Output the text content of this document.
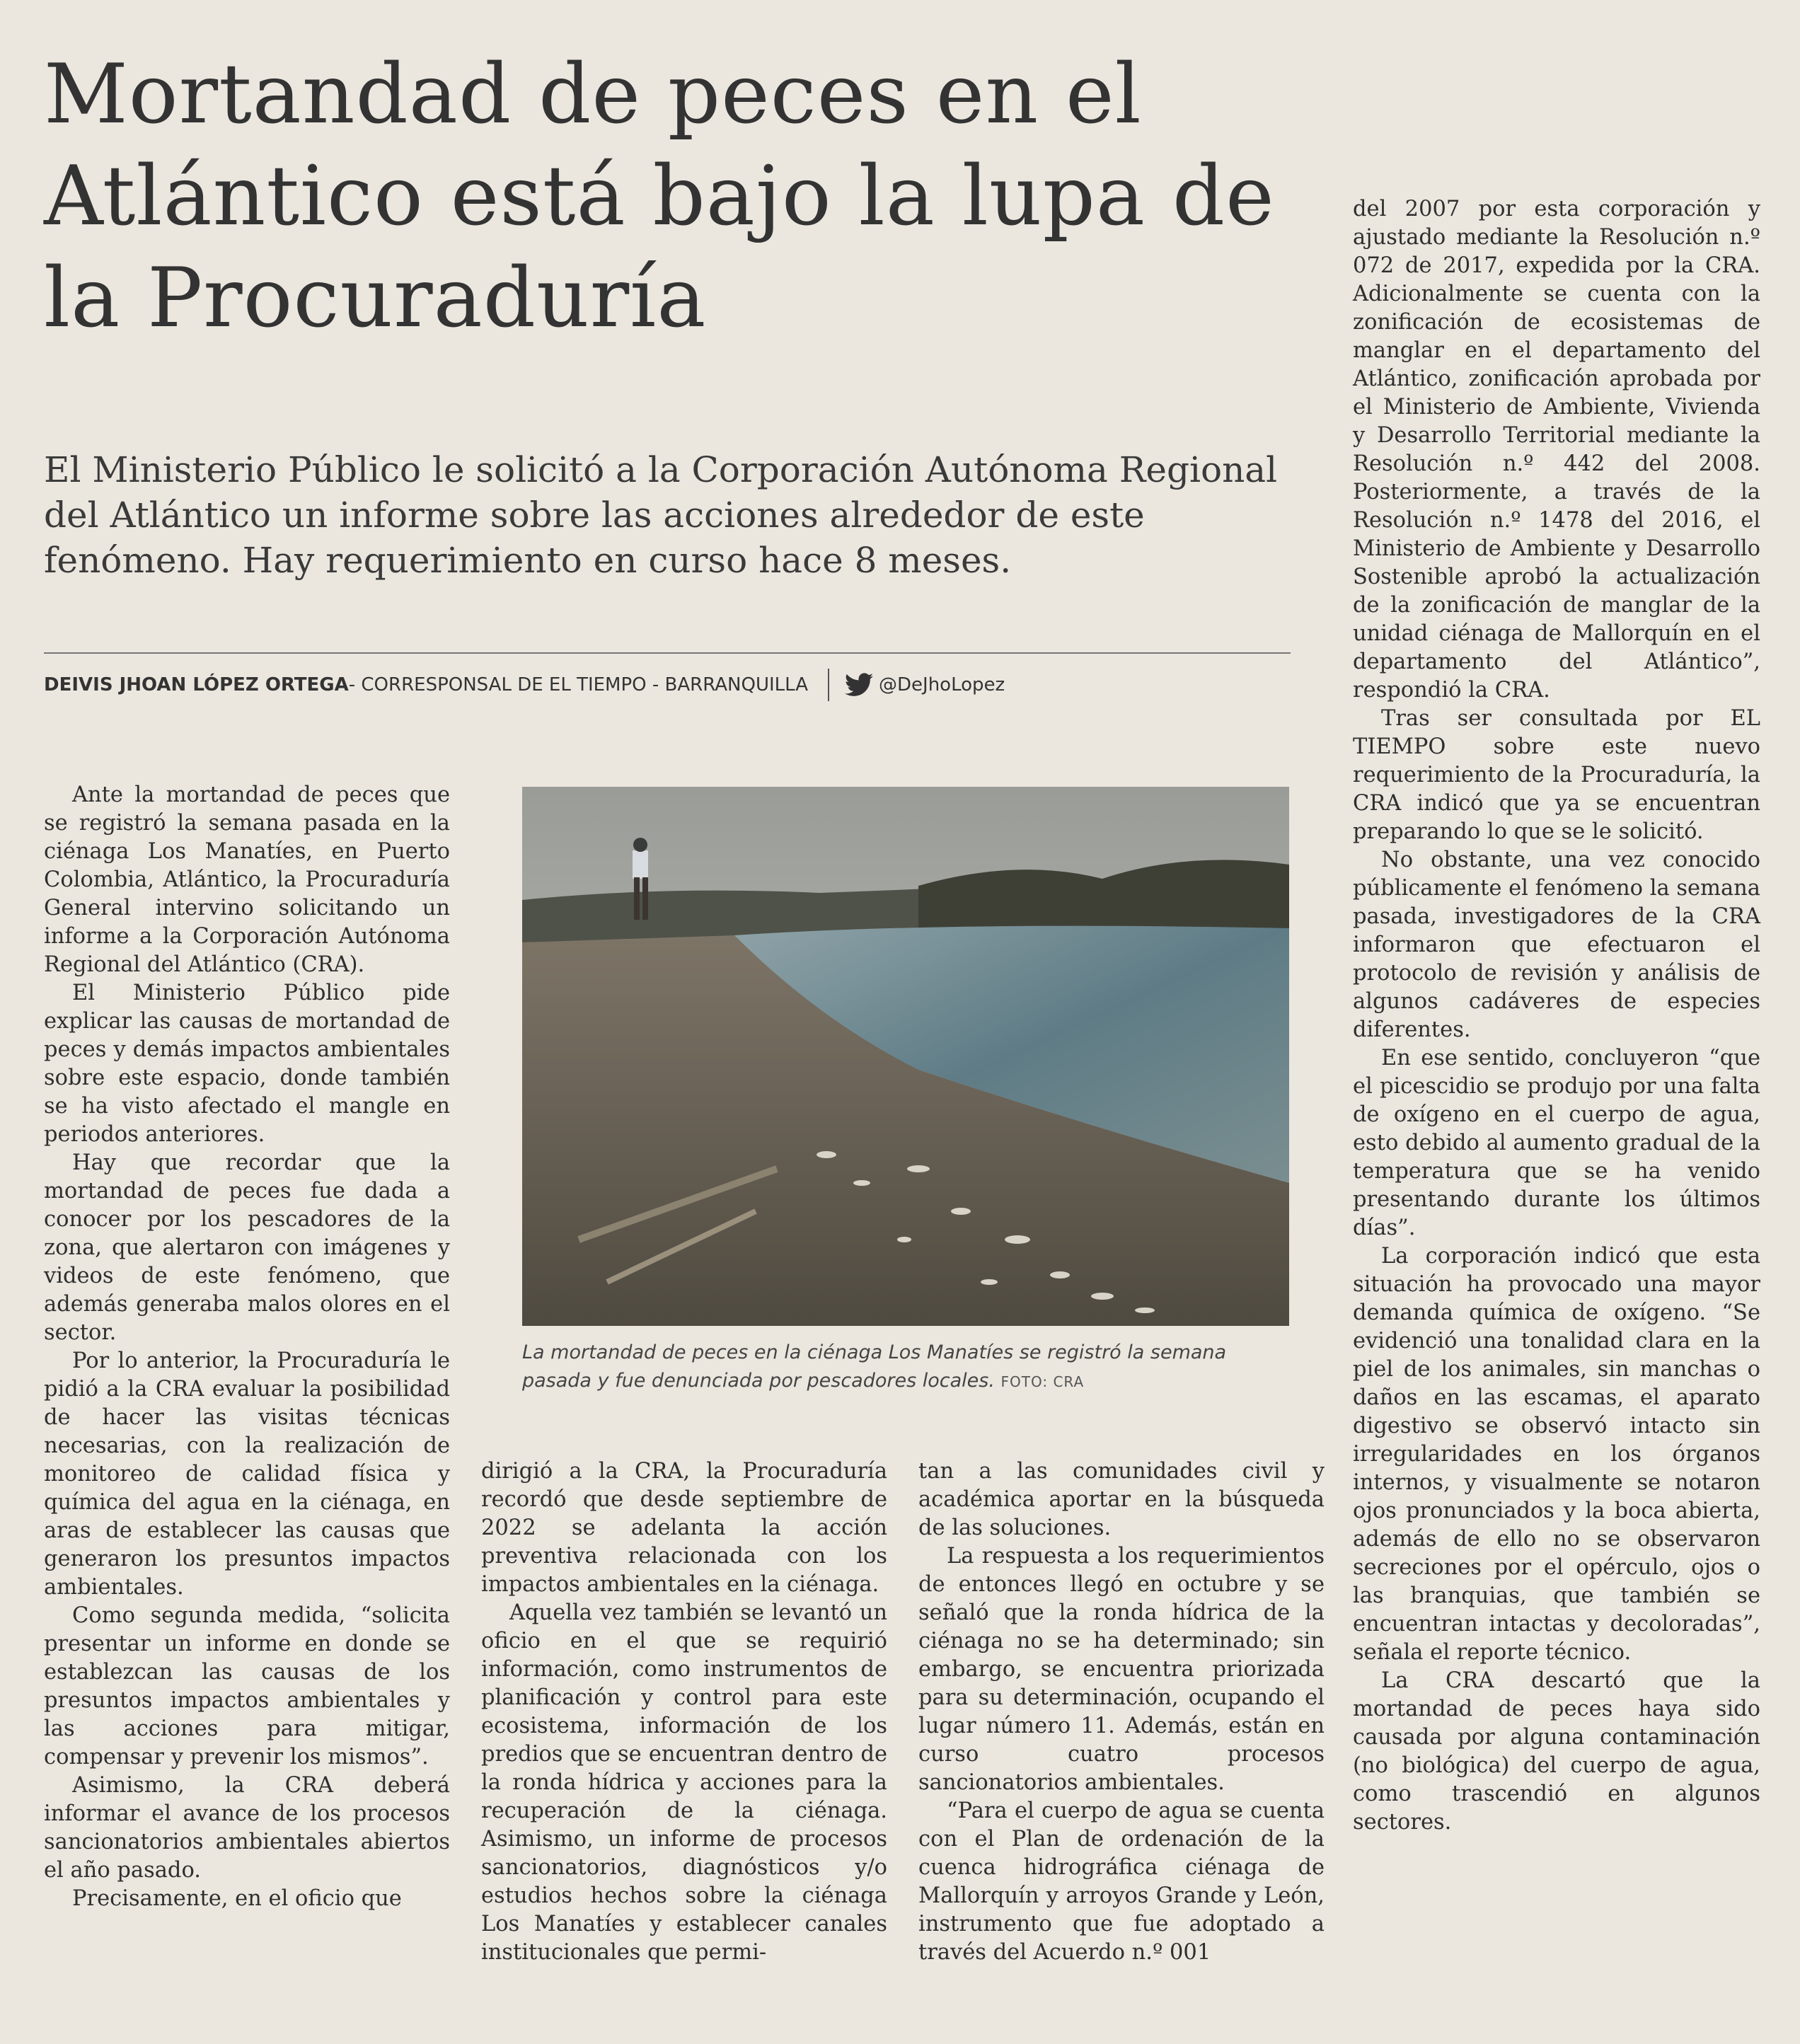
Mortandad de peces en el Atlántico está bajo la lupa de la Procuraduría

El Ministerio Público le solicitó a la Corporación Autónoma Regional del Atlántico un informe sobre las acciones alrededor de este fenómeno. Hay requerimiento en curso hace 8 meses.

DEIVIS JHOAN LÓPEZ ORTEGA - CORRESPONSAL DE EL TIEMPO - BARRANQUILLA	@DeJhoLopez

Ante la mortandad de peces que se registró la semana pasada en la ciénaga Los Manatíes, en Puerto Colombia, Atlántico, la Procuraduría General intervino solicitando un informe a la Corporación Autónoma Regional del Atlántico (CRA).

El Ministerio Público pide explicar las causas de mortandad de peces y demás impactos ambientales sobre este espacio, donde también se ha visto afectado el mangle en periodos anteriores.

Hay que recordar que la mortandad de peces fue dada a conocer por los pescadores de la zona, que alertaron con imágenes y videos de este fenómeno, que además generaba malos olores en el sector.

Por lo anterior, la Procuraduría le pidió a la CRA evaluar la posibilidad de hacer las visitas técnicas necesarias, con la realización de monitoreo de calidad física y química del agua en la ciénaga, en aras de establecer las causas que generaron los presuntos impactos ambientales.

Como segunda medida, “solicita presentar un informe en donde se establezcan las causas de los presuntos impactos ambientales y las acciones para mitigar, compensar y prevenir los mismos”.

Asimismo, la CRA deberá informar el avance de los procesos sancionatorios ambientales abiertos el año pasado.

Precisamente, en el oficio que

La mortandad de peces en la ciénaga Los Manatíes se registró la semana pasada y fue denunciada por pescadores locales. FOTO: CRA

dirigió a la CRA, la Procuraduría recordó que desde septiembre de 2022 se adelanta la acción preventiva relacionada con los impactos ambientales en la ciénaga.

Aquella vez también se levantó un oficio en el que se requirió información, como instrumentos de planificación y control para este ecosistema, información de los predios que se encuentran dentro de la ronda hídrica y acciones para la recuperación de la ciénaga. Asimismo, un informe de procesos sancionatorios, diagnósticos y/o estudios hechos sobre la ciénaga Los Manatíes y establecer canales institucionales que permi-

tan a las comunidades civil y académica aportar en la búsqueda de las soluciones.

La respuesta a los requerimientos de entonces llegó en octubre y se señaló que la ronda hídrica de la ciénaga no se ha determinado; sin embargo, se encuentra priorizada para su determinación, ocupando el lugar número 11. Además, están en curso cuatro procesos sancionatorios ambientales.

“Para el cuerpo de agua se cuenta con el Plan de ordenación de la cuenca hidrográfica ciénaga de Mallorquín y arroyos Grande y León, instrumento que fue adoptado a través del Acuerdo n.º 001

del 2007 por esta corporación y ajustado mediante la Resolución n.º 072 de 2017, expedida por la CRA. Adicionalmente se cuenta con la zonificación de ecosistemas de manglar en el departamento del Atlántico, zonificación aprobada por el Ministerio de Ambiente, Vivienda y Desarrollo Territorial mediante la Resolución n.º 442 del 2008. Posteriormente, a través de la Resolución n.º 1478 del 2016, el Ministerio de Ambiente y Desarrollo Sostenible aprobó la actualización de la zonificación de manglar de la unidad ciénaga de Mallorquín en el departamento del Atlántico”, respondió la CRA.

Tras ser consultada por EL TIEMPO sobre este nuevo requerimiento de la Procuraduría, la CRA indicó que ya se encuentran preparando lo que se le solicitó.

No obstante, una vez conocido públicamente el fenómeno la semana pasada, investigadores de la CRA informaron que efectuaron el protocolo de revisión y análisis de algunos cadáveres de especies diferentes.

En ese sentido, concluyeron “que el picescidio se produjo por una falta de oxígeno en el cuerpo de agua, esto debido al aumento gradual de la temperatura que se ha venido presentando durante los últimos días”.

La corporación indicó que esta situación ha provocado una mayor demanda química de oxígeno. “Se evidenció una tonalidad clara en la piel de los animales, sin manchas o daños en las escamas, el aparato digestivo se observó intacto sin irregularidades en los órganos internos, y visualmente se notaron ojos pronunciados y la boca abierta, además de ello no se observaron secreciones por el opérculo, ojos o las branquias, que también se encuentran intactas y decoloradas”, señala el reporte técnico.

La CRA descartó que la mortandad de peces haya sido causada por alguna contaminación (no biológica) del cuerpo de agua, como trascendió en algunos sectores.
